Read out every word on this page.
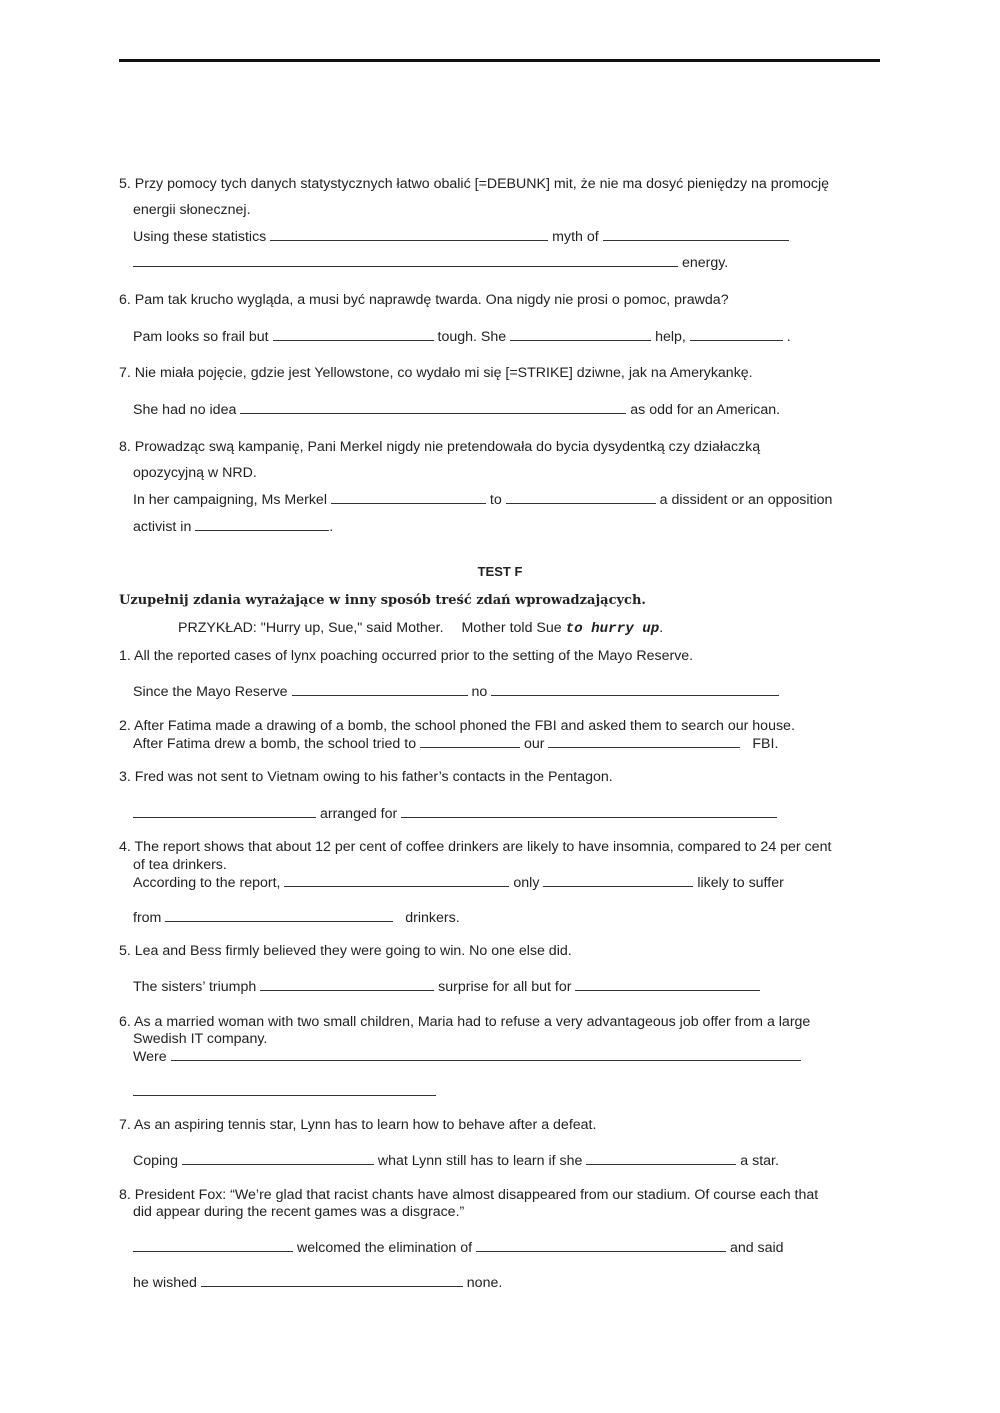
5. Przy pomocy tych danych statystycznych łatwo obalić [=DEBUNK] mit, że nie ma dosyć pieniędzy na promocję
energii słonecznej.
Using these statistics	myth of
energy.
6. Pam tak krucho wygląda, a musi być naprawdę twarda. Ona nigdy nie prosi o pomoc, prawda?
Pam looks so frail but	tough. She	help,	.
7. Nie miała pojęcie, gdzie jest Yellowstone, co wydało mi się [=STRIKE] dziwne, jak na Amerykankę.
She had no idea	as odd for an American.
8. Prowadząc swą kampanię, Pani Merkel nigdy nie pretendowała do bycia dysydentką czy działaczką
opozycyjną w NRD.
In her campaigning, Ms Merkel	to	a dissident or an opposition
activist in	.
TEST F
Uzupełnij zdania wyrażające w inny sposób treść zdań wprowadzających.
PRZYKŁAD: "Hurry up, Sue," said Mother. Mother told Sue to hurry up.
1. All the reported cases of lynx poaching occurred prior to the setting of the Mayo Reserve.
Since the Mayo Reserve	no
2. After Fatima made a drawing of a bomb, the school phoned the FBI and asked them to search our house.
After Fatima drew a bomb, the school tried to	our	FBI.
3. Fred was not sent to Vietnam owing to his father’s contacts in the Pentagon.
arranged for
4. The report shows that about 12 per cent of coffee drinkers are likely to have insomnia, compared to 24 per cent
of tea drinkers.
According to the report,	only	likely to suffer
from	drinkers.
5. Lea and Bess firmly believed they were going to win. No one else did.
The sisters’ triumph	surprise for all but for
6. As a married woman with two small children, Maria had to refuse a very advantageous job offer from a large
Swedish IT company.
Were
7. As an aspiring tennis star, Lynn has to learn how to behave after a defeat.
Coping	what Lynn still has to learn if she	a star.
8. President Fox: “We’re glad that racist chants have almost disappeared from our stadium. Of course each that
did appear during the recent games was a disgrace.”
welcomed the elimination of	and said
he wished	none.
